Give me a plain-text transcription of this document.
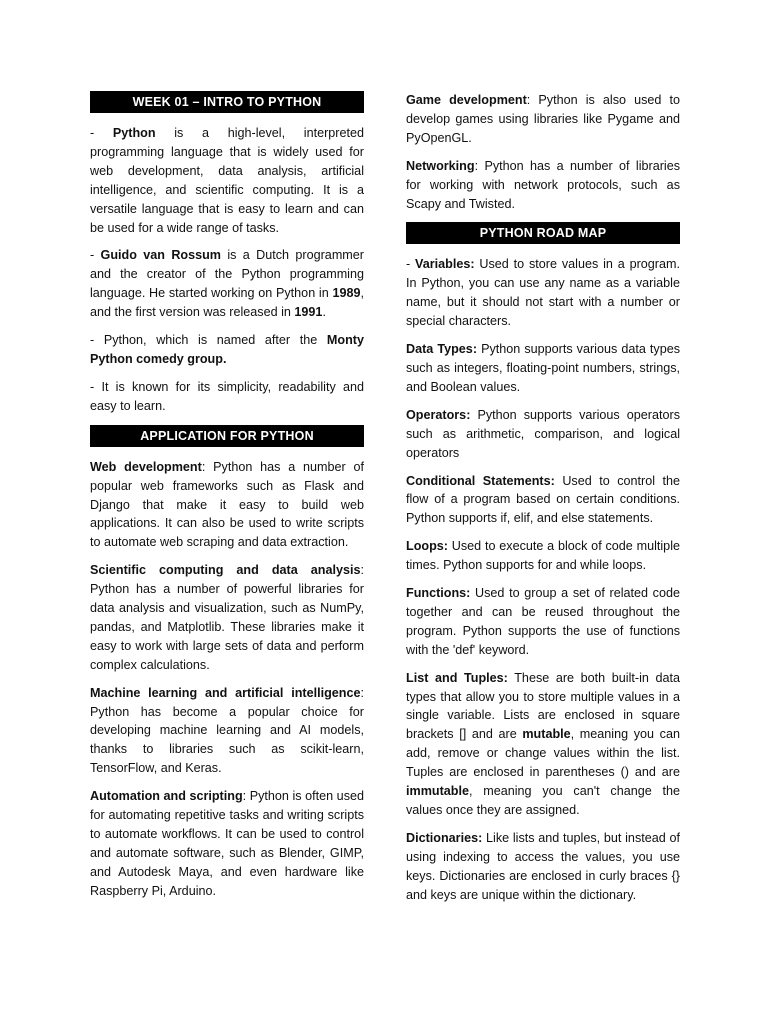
WEEK 01 – INTRO TO PYTHON

- Python is a high-level, interpreted programming language that is widely used for web development, data analysis, artificial intelligence, and scientific computing. It is a versatile language that is easy to learn and can be used for a wide range of tasks.

- Guido van Rossum is a Dutch programmer and the creator of the Python programming language. He started working on Python in 1989, and the first version was released in 1991.

- Python, which is named after the Monty Python comedy group.

- It is known for its simplicity, readability and easy to learn.

APPLICATION FOR PYTHON

Web development: Python has a number of popular web frameworks such as Flask and Django that make it easy to build web applications. It can also be used to write scripts to automate web scraping and data extraction.

Scientific computing and data analysis: Python has a number of powerful libraries for data analysis and visualization, such as NumPy, pandas, and Matplotlib. These libraries make it easy to work with large sets of data and perform complex calculations.

Machine learning and artificial intelligence: Python has become a popular choice for developing machine learning and AI models, thanks to libraries such as scikit-learn, TensorFlow, and Keras.

Automation and scripting: Python is often used for automating repetitive tasks and writing scripts to automate workflows. It can be used to control and automate software, such as Blender, GIMP, and Autodesk Maya, and even hardware like Raspberry Pi, Arduino.

Game development: Python is also used to develop games using libraries like Pygame and PyOpenGL.

Networking: Python has a number of libraries for working with network protocols, such as Scapy and Twisted.

PYTHON ROAD MAP

- Variables: Used to store values in a program. In Python, you can use any name as a variable name, but it should not start with a number or special characters.

Data Types: Python supports various data types such as integers, floating-point numbers, strings, and Boolean values.

Operators: Python supports various operators such as arithmetic, comparison, and logical operators

Conditional Statements: Used to control the flow of a program based on certain conditions. Python supports if, elif, and else statements.

Loops: Used to execute a block of code multiple times. Python supports for and while loops.

Functions: Used to group a set of related code together and can be reused throughout the program. Python supports the use of functions with the 'def' keyword.

List and Tuples: These are both built-in data types that allow you to store multiple values in a single variable. Lists are enclosed in square brackets [] and are mutable, meaning you can add, remove or change values within the list. Tuples are enclosed in parentheses () and are immutable, meaning you can't change the values once they are assigned.

Dictionaries: Like lists and tuples, but instead of using indexing to access the values, you use keys. Dictionaries are enclosed in curly braces {} and keys are unique within the dictionary.
